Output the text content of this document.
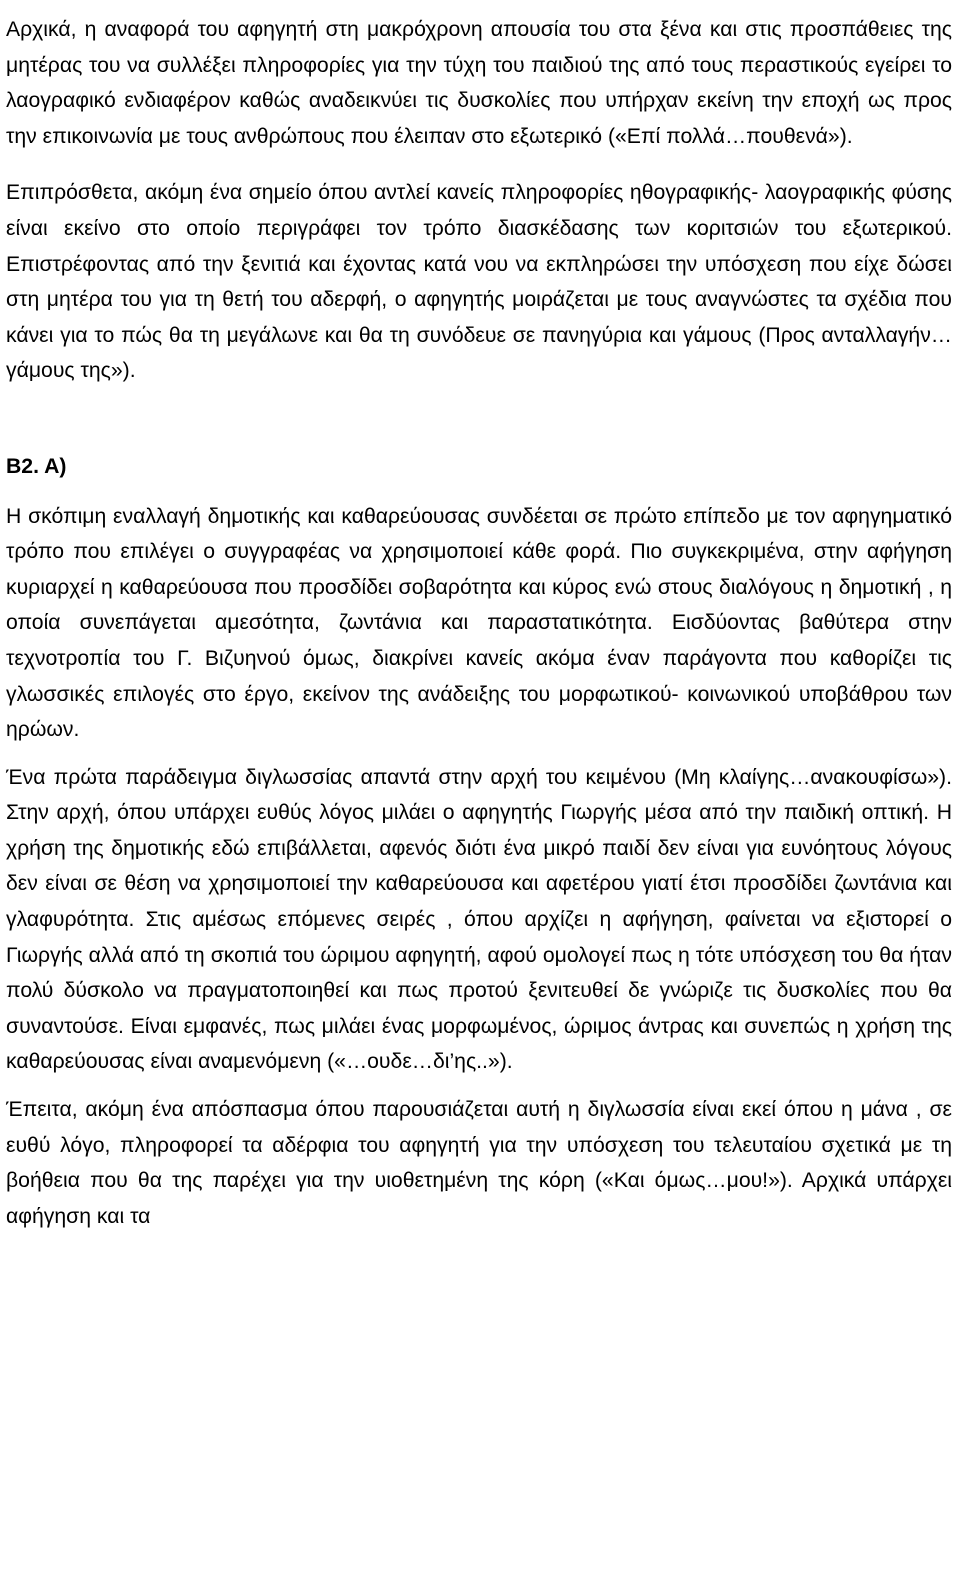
Αρχικά, η αναφορά του αφηγητή στη μακρόχρονη απουσία του στα ξένα και στις προσπάθειες της μητέρας του να συλλέξει πληροφορίες για την τύχη του παιδιού της από τους περαστικούς εγείρει το λαογραφικό ενδιαφέρον καθώς αναδεικνύει τις δυσκολίες που υπήρχαν εκείνη την εποχή ως προς την επικοινωνία με τους ανθρώπους που έλειπαν στο εξωτερικό («Επί πολλά…πουθενά»).

Επιπρόσθετα, ακόμη ένα σημείο όπου αντλεί κανείς πληροφορίες ηθογραφικής- λαογραφικής φύσης είναι εκείνο στο οποίο περιγράφει τον τρόπο διασκέδασης των κοριτσιών του εξωτερικού. Επιστρέφοντας από την ξενιτιά και έχοντας κατά νου να εκπληρώσει την υπόσχεση που είχε δώσει στη μητέρα του για τη θετή του αδερφή, ο αφηγητής μοιράζεται με τους αναγνώστες τα σχέδια που κάνει για το πώς θα τη μεγάλωνε και θα τη συνόδευε σε πανηγύρια και γάμους (Προς ανταλλαγήν…γάμους της»).

Β2. Α)

Η σκόπιμη εναλλαγή δημοτικής και καθαρεύουσας συνδέεται σε πρώτο επίπεδο με τον αφηγηματικό τρόπο που επιλέγει ο συγγραφέας να χρησιμοποιεί κάθε φορά. Πιο συγκεκριμένα, στην αφήγηση κυριαρχεί η καθαρεύουσα που προσδίδει σοβαρότητα και κύρος ενώ στους διαλόγους η δημοτική , η οποία συνεπάγεται αμεσότητα, ζωντάνια και παραστατικότητα. Εισδύοντας βαθύτερα στην τεχνοτροπία του Γ. Βιζυηνού όμως, διακρίνει κανείς ακόμα έναν παράγοντα που καθορίζει τις γλωσσικές επιλογές στο έργο, εκείνον της ανάδειξης του μορφωτικού- κοινωνικού υποβάθρου των ηρώων.

Ένα πρώτα παράδειγμα διγλωσσίας απαντά στην αρχή του κειμένου (Μη κλαίγης…ανακουφίσω»). Στην αρχή, όπου υπάρχει ευθύς λόγος μιλάει ο αφηγητής Γιωργής μέσα από την παιδική οπτική. Η χρήση της δημοτικής εδώ επιβάλλεται, αφενός διότι ένα μικρό παιδί δεν είναι για ευνόητους λόγους δεν είναι σε θέση να χρησιμοποιεί την καθαρεύουσα και αφετέρου γιατί έτσι προσδίδει ζωντάνια και γλαφυρότητα. Στις αμέσως επόμενες σειρές , όπου αρχίζει η αφήγηση, φαίνεται να εξιστορεί ο Γιωργής αλλά από τη σκοπιά του ώριμου αφηγητή, αφού ομολογεί πως η τότε υπόσχεση του θα ήταν πολύ δύσκολο να πραγματοποιηθεί και πως προτού ξενιτευθεί δε γνώριζε τις δυσκολίες που θα συναντούσε. Είναι εμφανές, πως μιλάει ένας μορφωμένος, ώριμος άντρας και συνεπώς η χρήση της καθαρεύουσας είναι αναμενόμενη («…ουδε…δι’ης..»).

Έπειτα, ακόμη ένα απόσπασμα όπου παρουσιάζεται αυτή η διγλωσσία είναι εκεί όπου η μάνα , σε ευθύ λόγο, πληροφορεί τα αδέρφια του αφηγητή για την υπόσχεση του τελευταίου σχετικά με τη βοήθεια που θα της παρέχει για την υιοθετημένη της κόρη («Και όμως…μου!»). Αρχικά υπάρχει αφήγηση και τα
